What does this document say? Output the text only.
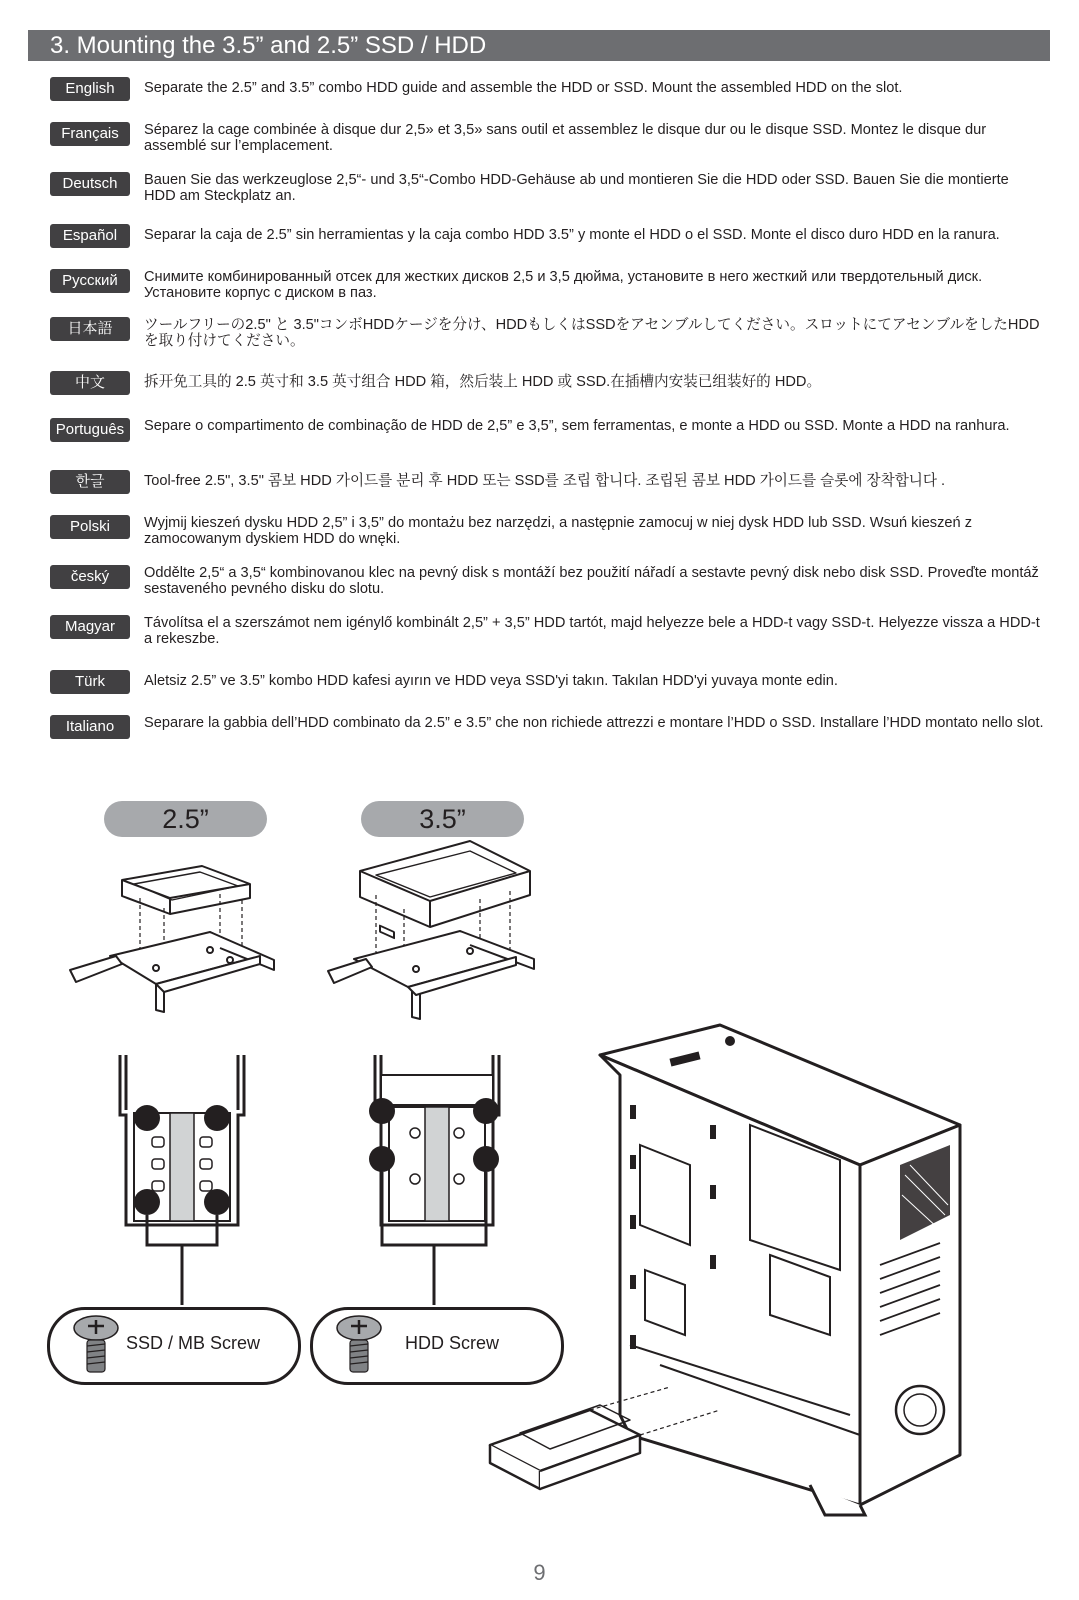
3. Mounting the 3.5” and 2.5” SSD / HDD
English	Separate the 2.5” and 3.5” combo HDD guide and assemble the HDD or SSD. Mount the assembled HDD on the slot.
Français	Séparez la cage combinée à disque dur 2,5» et 3,5» sans outil et assemblez le disque dur ou le disque SSD. Montez le disque dur assemblé sur l’emplacement.
Deutsch	Bauen Sie das werkzeuglose 2,5“- und 3,5“-Combo HDD-Gehäuse ab und montieren Sie die HDD oder SSD. Bauen Sie die montierte HDD am Steckplatz an.
Español	Separar la caja de 2.5” sin herramientas y la caja combo HDD 3.5” y monte el HDD o el SSD. Monte el disco duro HDD en la ranura.
Русский	Снимите комбинированный отсек для жестких дисков 2,5 и 3,5 дюйма, установите в него жесткий или твердотельный диск. Установите корпус с диском в паз.
日本語	ツールフリーの2.5" と 3.5"コンボHDDケージを分け、HDDもしくはSSDをアセンブルしてください。スロットにてアセンブルをしたHDDを取り付けてください。
中文	拆开免工具的 2.5 英寸和 3.5 英寸组合 HDD 箱，然后装上 HDD 或 SSD.在插槽内安装已组装好的 HDD。
Português	Separe o compartimento de combinação de HDD de 2,5” e 3,5”, sem ferramentas, e monte a HDD ou SSD. Monte a HDD na ranhura.
한글	Tool-free 2.5", 3.5" 콤보 HDD 가이드를 분리 후 HDD 또는 SSD를 조립 합니다. 조립된 콤보 HDD 가이드를 슬롯에 장착합니다 .
Polski	Wyjmij kieszeń dysku HDD 2,5” i 3,5” do montażu bez narzędzi, a następnie zamocuj w niej dysk HDD lub SSD. Wsuń kieszeń z zamocowanym dyskiem HDD do wnęki.
český	Oddělte 2,5“ a 3,5“ kombinovanou klec na pevný disk s montáží bez použití nářadí a sestavte pevný disk nebo disk SSD. Proveďte montáž sestaveného pevného disku do slotu.
Magyar	Távolítsa el a szerszámot nem igénylő kombinált 2,5” + 3,5” HDD tartót, majd helyezze bele a HDD-t vagy SSD-t. Helyezze vissza a HDD-t a rekeszbe.
Türk	Aletsiz 2.5” ve 3.5” kombo HDD kafesi ayırın ve HDD veya SSD'yi takın. Takılan HDD'yi yuvaya monte edin.
Italiano	Separare la gabbia dell’HDD combinato da 2.5” e 3.5” che non richiede attrezzi e montare l’HDD o SSD. Installare l’HDD montato nello slot.
2.5”	3.5”
SSD / MB Screw	HDD Screw
9
